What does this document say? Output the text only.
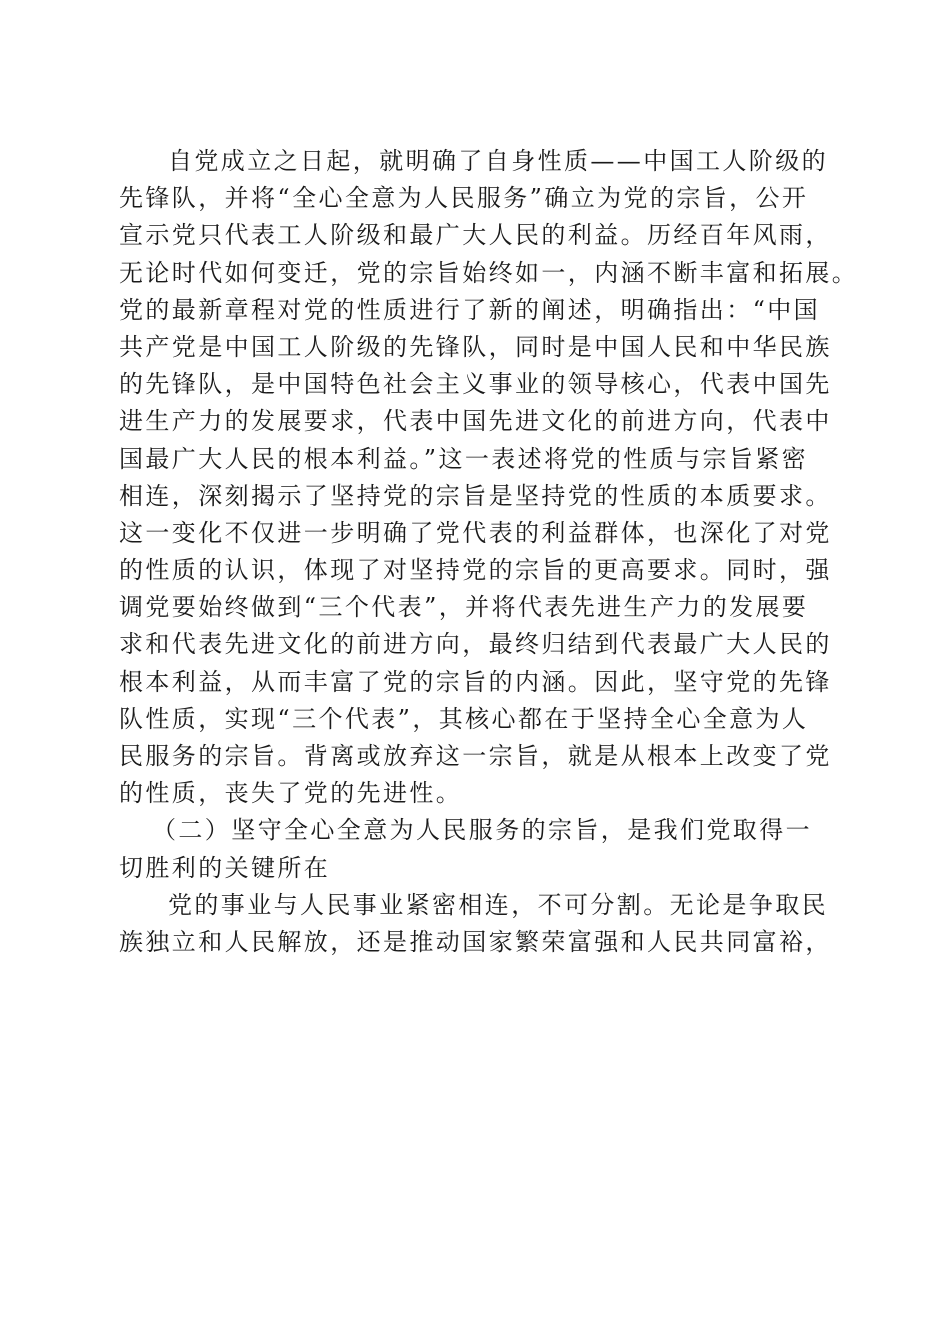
自党成立之日起，就明确了自身性质——中国工人阶级的
先锋队，并将“全心全意为人民服务”确立为党的宗旨，公开
宣示党只代表工人阶级和最广大人民的利益。历经百年风雨，
无论时代如何变迁，党的宗旨始终如一，内涵不断丰富和拓展。
党的最新章程对党的性质进行了新的阐述，明确指出：“中国
共产党是中国工人阶级的先锋队，同时是中国人民和中华民族
的先锋队，是中国特色社会主义事业的领导核心，代表中国先
进生产力的发展要求，代表中国先进文化的前进方向，代表中
国最广大人民的根本利益。”这一表述将党的性质与宗旨紧密
相连，深刻揭示了坚持党的宗旨是坚持党的性质的本质要求。
这一变化不仅进一步明确了党代表的利益群体，也深化了对党
的性质的认识，体现了对坚持党的宗旨的更高要求。同时，强
调党要始终做到“三个代表”，并将代表先进生产力的发展要
求和代表先进文化的前进方向，最终归结到代表最广大人民的
根本利益，从而丰富了党的宗旨的内涵。因此，坚守党的先锋
队性质，实现“三个代表”，其核心都在于坚持全心全意为人
民服务的宗旨。背离或放弃这一宗旨，就是从根本上改变了党
的性质，丧失了党的先进性。
（二）坚守全心全意为人民服务的宗旨，是我们党取得一
切胜利的关键所在
党的事业与人民事业紧密相连，不可分割。无论是争取民
族独立和人民解放，还是推动国家繁荣富强和人民共同富裕，
